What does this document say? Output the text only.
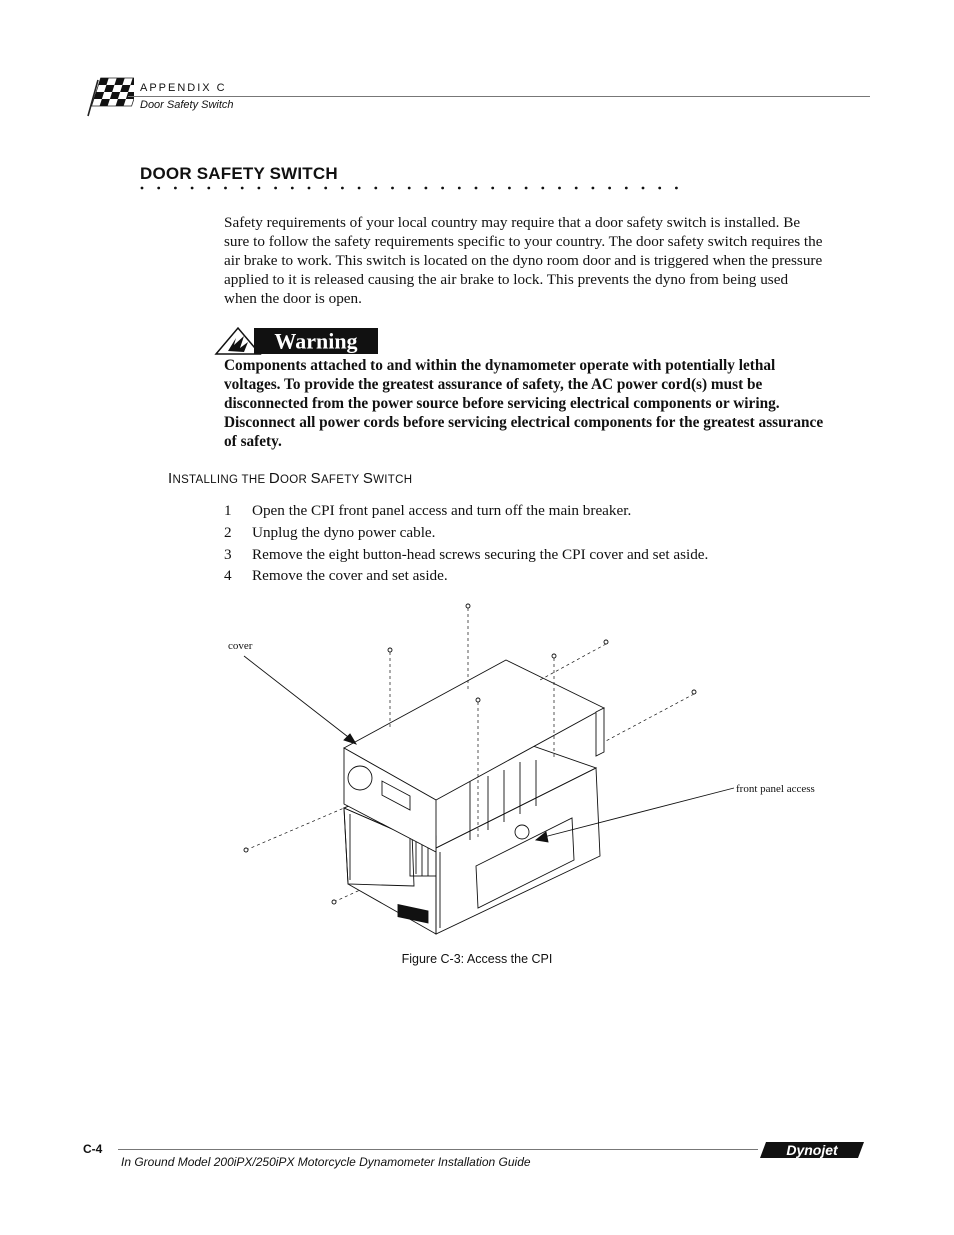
APPENDIX C
Door Safety Switch
DOOR SAFETY SWITCH
Safety requirements of your local country may require that a door safety switch is installed. Be sure to follow the safety requirements specific to your country. The door safety switch requires the air brake to work. This switch is located on the dyno room door and is triggered when the pressure applied to it is released causing the air brake to lock. This prevents the dyno from being used when the door is open.
Warning
Components attached to and within the dynamometer operate with potentially lethal voltages. To provide the greatest assurance of safety, the AC power cord(s) must be disconnected from the power source before servicing electrical components or wiring. Disconnect all power cords before servicing electrical components for the greatest assurance of safety.
INSTALLING THE DOOR SAFETY SWITCH
1 Open the CPI front panel access and turn off the main breaker.
2 Unplug the dyno power cable.
3 Remove the eight button-head screws securing the CPI cover and set aside.
4 Remove the cover and set aside.
cover
front panel access
Figure C-3: Access the CPI
C-4
In Ground Model 200iPX/250iPX Motorcycle Dynamometer Installation Guide
Dynojet
